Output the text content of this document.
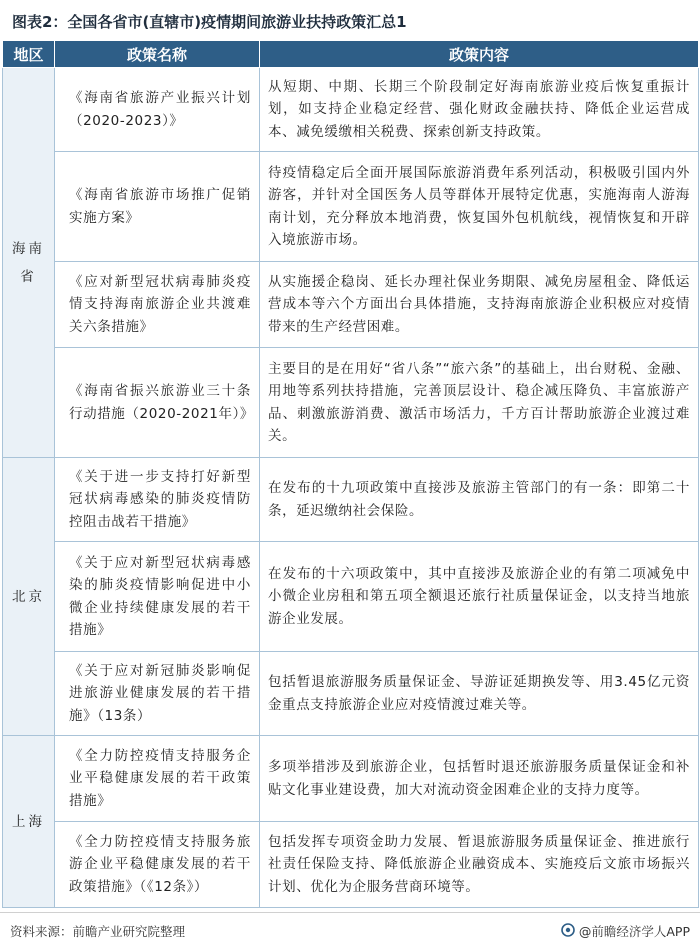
图表2：全国各省市(直辖市)疫情期间旅游业扶持政策汇总1
地区	政策名称	政策内容
海南省	《海南省旅游产业振兴计划（2020-2023）》	从短期、中期、长期三个阶段制定好海南旅游业疫后恢复重振计划，如支持企业稳定经营、强化财政金融扶持、降低企业运营成本、减免缓缴相关税费、探索创新支持政策。
	《海南省旅游市场推广促销实施方案》	待疫情稳定后全面开展国际旅游消费年系列活动，积极吸引国内外游客，并针对全国医务人员等群体开展特定优惠，实施海南人游海南计划，充分释放本地消费，恢复国外包机航线，视情恢复和开辟入境旅游市场。
	《应对新型冠状病毒肺炎疫情支持海南旅游企业共渡难关六条措施》	从实施援企稳岗、延长办理社保业务期限、减免房屋租金、降低运营成本等六个方面出台具体措施，支持海南旅游企业积极应对疫情带来的生产经营困难。
	《海南省振兴旅游业三十条行动措施（2020-2021年）》	主要目的是在用好“省八条”“旅六条”的基础上，出台财税、金融、用地等系列扶持措施，完善顶层设计、稳企减压降负、丰富旅游产品、刺激旅游消费、激活市场活力，千方百计帮助旅游企业渡过难关。
北京	《关于进一步支持打好新型冠状病毒感染的肺炎疫情防控阻击战若干措施》	在发布的十九项政策中直接涉及旅游主管部门的有一条：即第二十条，延迟缴纳社会保险。
	《关于应对新型冠状病毒感染的肺炎疫情影响促进中小微企业持续健康发展的若干措施》	在发布的十六项政策中，其中直接涉及旅游企业的有第二项减免中小微企业房租和第五项全额退还旅行社质量保证金，以支持当地旅游企业发展。
	《关于应对新冠肺炎影响促进旅游业健康发展的若干措施》（13条）	包括暂退旅游服务质量保证金、导游证延期换发等、用3.45亿元资金重点支持旅游企业应对疫情渡过难关等。
上海	《全力防控疫情支持服务企业平稳健康发展的若干政策措施》	多项举措涉及到旅游企业，包括暂时退还旅游服务质量保证金和补贴文化事业建设费，加大对流动资金困难企业的支持力度等。
	《全力防控疫情支持服务旅游企业平稳健康发展的若干政策措施》（《12条》）	包括发挥专项资金助力发展、暂退旅游服务质量保证金、推进旅行社责任保险支持、降低旅游企业融资成本、实施疫后文旅市场振兴计划、优化为企服务营商环境等。
资料来源：前瞻产业研究院整理	@前瞻经济学人APP
